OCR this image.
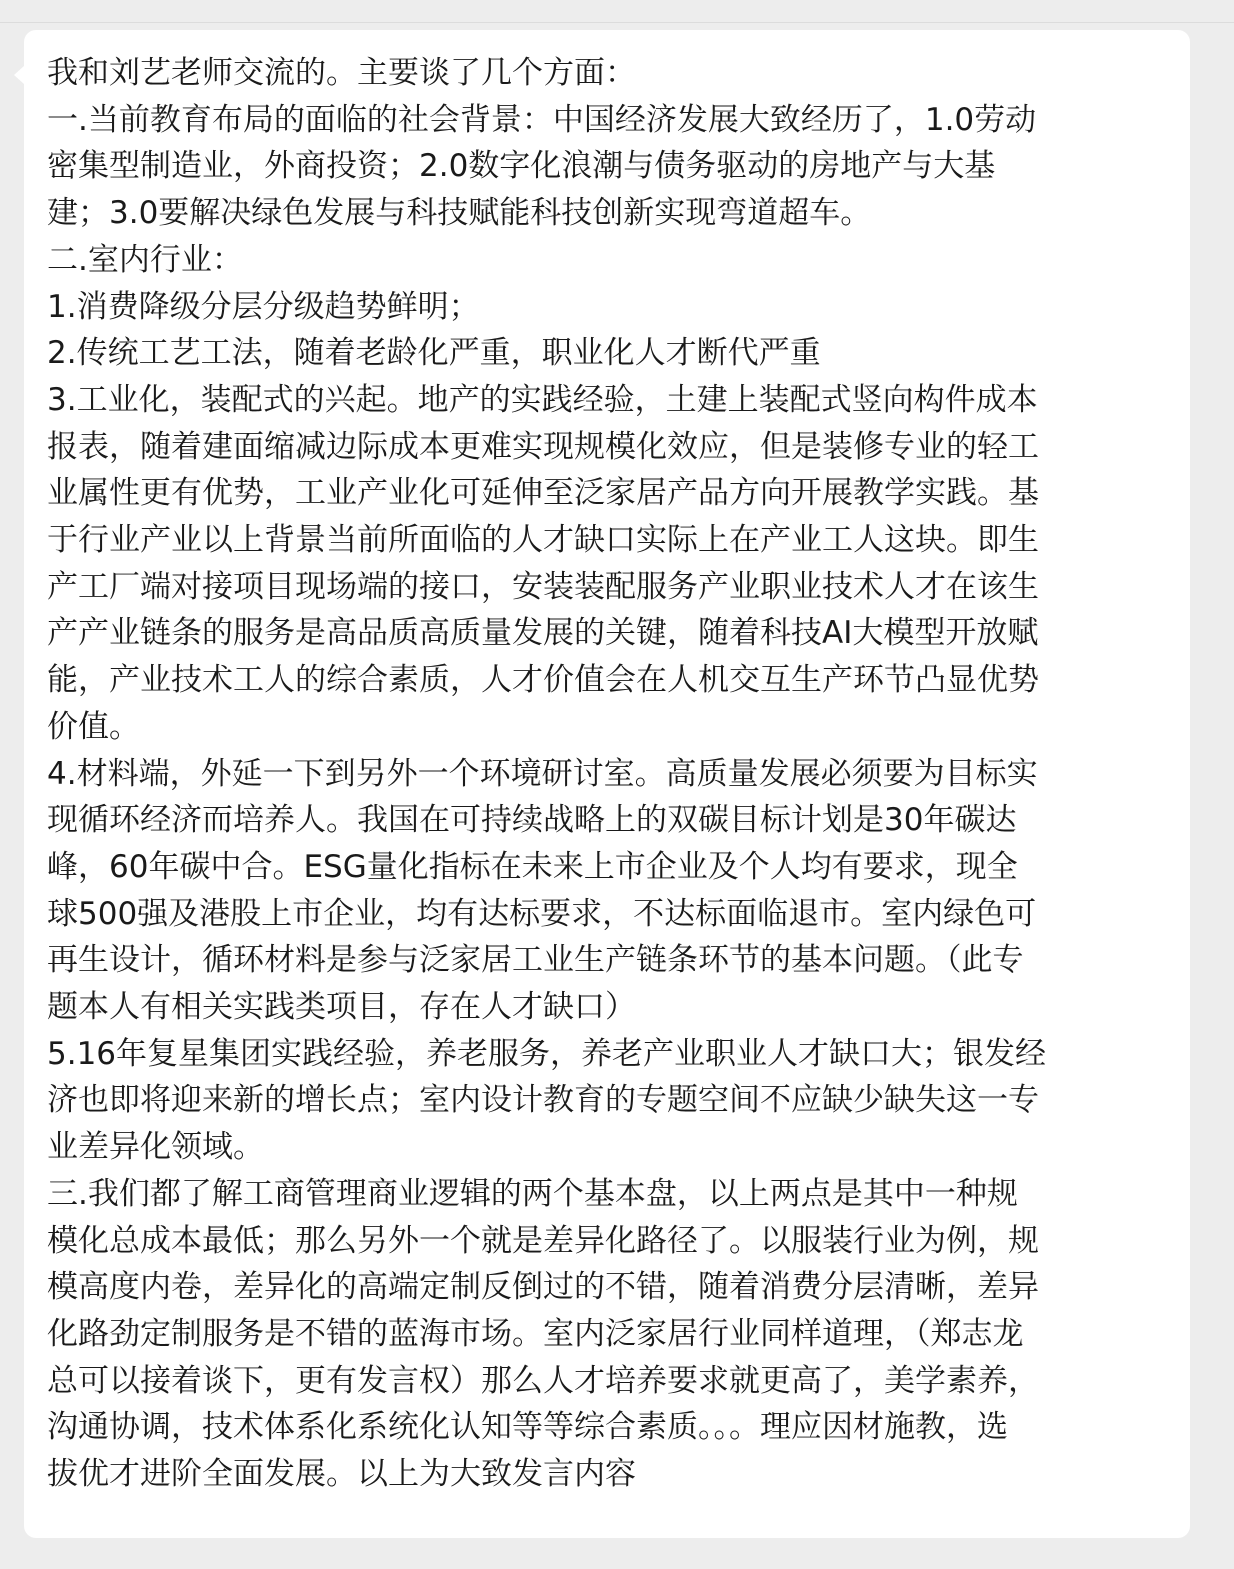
我和刘艺老师交流的。主要谈了几个方面：
一.当前教育布局的面临的社会背景：中国经济发展大致经历了，1.0劳动
密集型制造业，外商投资；2.0数字化浪潮与债务驱动的房地产与大基
建；3.0要解决绿色发展与科技赋能科技创新实现弯道超车。
二.室内行业：
1.消费降级分层分级趋势鲜明；
2.传统工艺工法，随着老龄化严重，职业化人才断代严重
3.工业化，装配式的兴起。地产的实践经验，土建上装配式竖向构件成本
报表，随着建面缩减边际成本更难实现规模化效应，但是装修专业的轻工
业属性更有优势，工业产业化可延伸至泛家居产品方向开展教学实践。基
于行业产业以上背景当前所面临的人才缺口实际上在产业工人这块。即生
产工厂端对接项目现场端的接口，安装装配服务产业职业技术人才在该生
产产业链条的服务是高品质高质量发展的关键，随着科技AI大模型开放赋
能，产业技术工人的综合素质，人才价值会在人机交互生产环节凸显优势
价值。
4.材料端，外延一下到另外一个环境研讨室。高质量发展必须要为目标实
现循环经济而培养人。我国在可持续战略上的双碳目标计划是30年碳达
峰，60年碳中合。ESG量化指标在未来上市企业及个人均有要求，现全
球500强及港股上市企业，均有达标要求，不达标面临退市。室内绿色可
再生设计，循环材料是参与泛家居工业生产链条环节的基本问题。（此专
题本人有相关实践类项目，存在人才缺口）
5.16年复星集团实践经验，养老服务，养老产业职业人才缺口大；银发经
济也即将迎来新的增长点；室内设计教育的专题空间不应缺少缺失这一专
业差异化领域。
三.我们都了解工商管理商业逻辑的两个基本盘，以上两点是其中一种规
模化总成本最低；那么另外一个就是差异化路径了。以服装行业为例，规
模高度内卷，差异化的高端定制反倒过的不错，随着消费分层清晰，差异
化路劲定制服务是不错的蓝海市场。室内泛家居行业同样道理，（郑志龙
总可以接着谈下，更有发言权）那么人才培养要求就更高了，美学素养，
沟通协调，技术体系化系统化认知等等综合素质。。。理应因材施教，选
拔优才进阶全面发展。以上为大致发言内容
